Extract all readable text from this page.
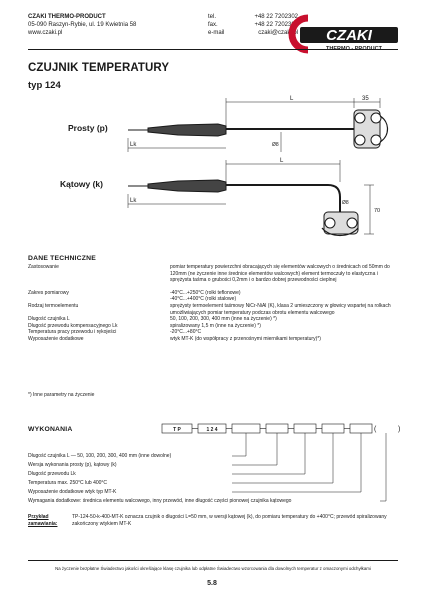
CZAKI THERMO-PRODUCT
05-090 Raszyn-Rybie, ul. 19 Kwietnia 58
www.czaki.pl
tel.	+48 22 7202302
fax.	+48 22 7202305
e-mail	czaki@czaki.pl CZAKI
CZUJNIK TEMPERATURY
typ 124
Prosty (p)
Kątowy (k)
L	35
Lk	Ø8
L
70
Lk	Ø8
DANE TECHNICZNE
Zastosowanie	pomiar temperatury powierzchni obracających się elementów walcowych o średnicach od 50mm do 120mm (ne życzenie inne średnice elementów walcowych) element termoczuły to elastyczna i sprężysta taśma o grubości 0,2mm i o bardzo dobrej przewodności cieplnej
Zakres pomiarowy	-40°C...+250°C (rolki teflonowe)
-40°C...+400°C (rolki stalowe)
Rodzaj termoelementu	sprężysty termoelement taśmowy NiCr-NiAl (K), klasa 2 umieszczony w głowicy wspartej na rolkach umożliwiających pomiar temperatury podczas obrotu elementu walcowego
Długość czujnika L	50, 100, 200, 300, 400 mm (inne na życzenie) *)
Długość przewodu kompensacyjnego Lk	spiralizowany 1,5 m (inne na życzenie) *)
Temperatura pracy przewodu i rękojeści	-20°C...+80°C
Wyposażenie dodatkowe	wtyk MT-K (do współpracy z przenośnymi miernikami temperatury)*)
*) Inne parametry na życzenie
WYKONANIA	T P	1 2 4	(	)
Długość czujnika L — 50, 100, 200, 300, 400 mm (inne dowolne)
Wersja wykonania prosty (p), kątowy (k)
Długość przewodu Lk
Temperatura max. 250°C lub 400°C
Wyposażenie dodatkowe wtyk typ MT-K
Wymagania dodatkowe: średnica elementu walcowego, inny przewód, inne długość części pionowej czujnika kątowego
Przykład zamawiania:
TP-124-50-k-400-MT-K oznacza czujnik o długości L=50 mm, w wersji kątowej (k), do pomiaru temperatury do +400°C; przewód spiralizowany zakończony wtykiem MT-K
Na życzenie bezpłatne Świadectwo jakości określające klasę czujnika lub odpłatne Świadectwo wzorcowania dla dowolnych temperatur z omaczonymi odchyłkami
5.8
